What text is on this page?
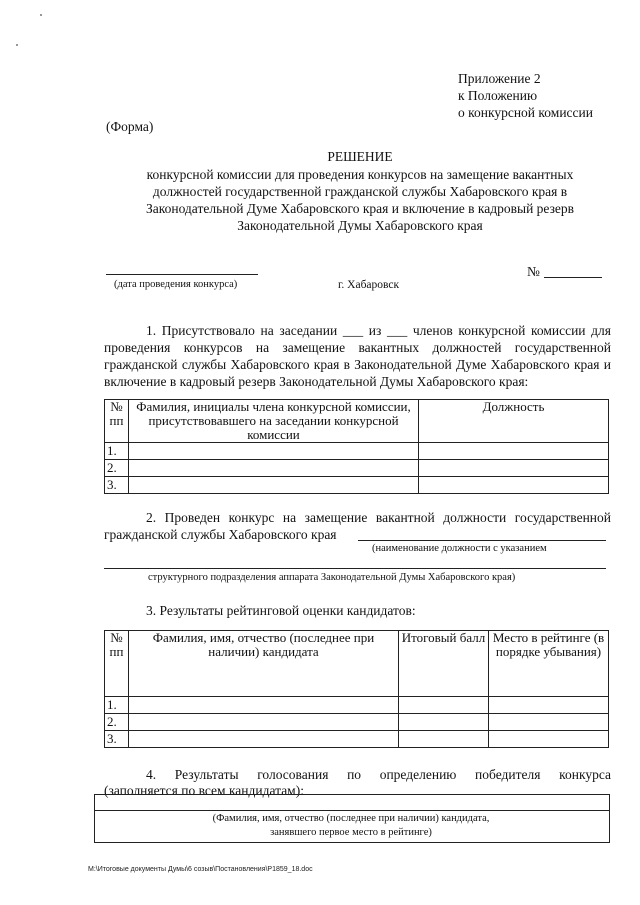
Приложение 2
к Положению
о конкурсной комиссии
(Форма)
РЕШЕНИЕ
конкурсной комиссии для проведения конкурсов на замещение вакантных
должностей государственной гражданской службы Хабаровского края в
Законодательной Думе Хабаровского края и включение в кадровый резерв
Законодательной Думы Хабаровского края
(дата проведения конкурса)	г. Хабаровск
№

1. Присутствовало на заседании ___ из ___ членов конкурсной комиссии для проведения конкурсов на замещение вакантных должностей государственной гражданской службы Хабаровского края в Законодательной Думе Хабаровского края и включение в кадровый резерв Законодательной Думы Хабаровского края:

№ пп	Фамилия, инициалы члена конкурсной комиссии, присутствовавшего на заседании конкурсной комиссии	Должность
1.		
2.		
3.		

2. Проведен конкурс на замещение вакантной должности государственной гражданской службы Хабаровского края

(наименование должности с указанием
структурного подразделения аппарата Законодательной Думы Хабаровского края)

3. Результаты рейтинговой оценки кандидатов:

№ пп	Фамилия, имя, отчество (последнее при наличии) кандидата	Итоговый балл	Место в рейтинге (в порядке убывания)
1.			
2.			
3.			

4. Результаты голосования по определению победителя конкурса

(заполняется по всем кандидатам):
(Фамилия, имя, отчество (последнее при наличии) кандидата,
занявшего первое место в рейтинге)
M:\Итоговые документы Думы\6 созыв\Постановления\Р1859_18.doc
